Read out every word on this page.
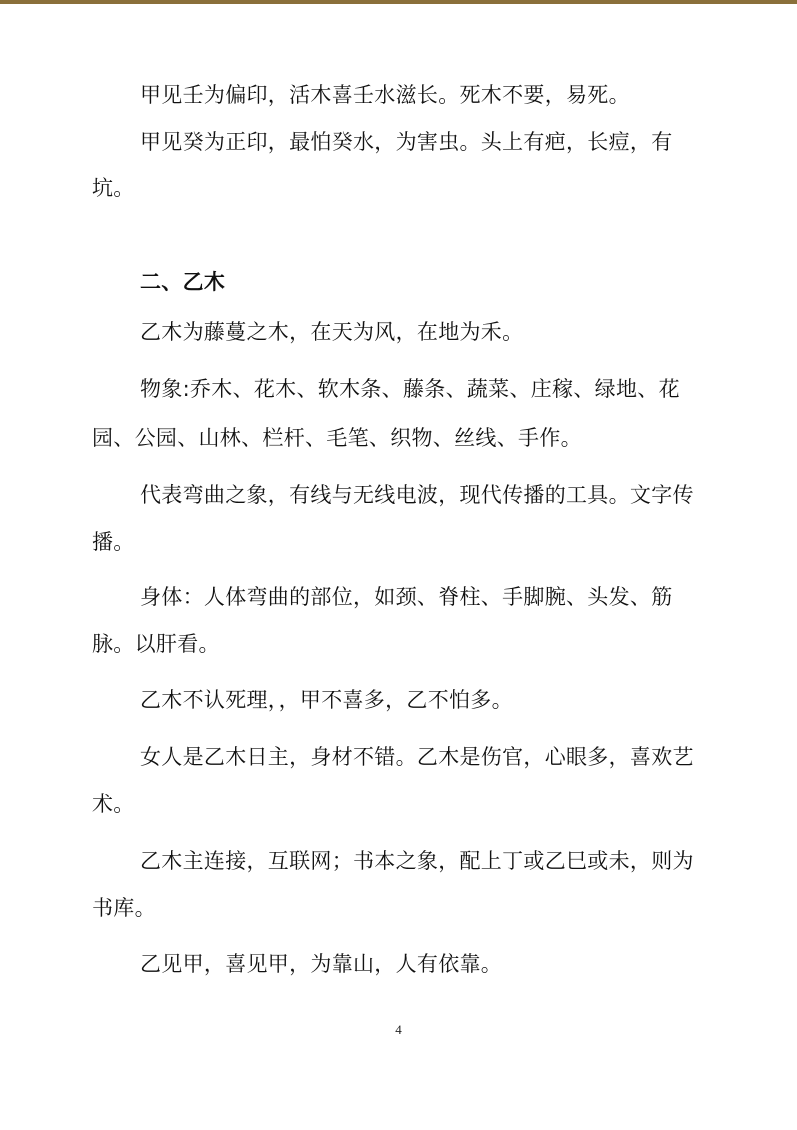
甲见壬为偏印，活木喜壬水滋长。死木不要，易死。
甲见癸为正印，最怕癸水，为害虫。头上有疤，长痘，有
坑。
二、乙木
乙木为藤蔓之木，在天为风，在地为禾。
物象:乔木、花木、软木条、藤条、蔬菜、庄稼、绿地、花
园、公园、山林、栏杆、毛笔、织物、丝线、手作。
代表弯曲之象，有线与无线电波，现代传播的工具。文字传
播。
身体：人体弯曲的部位，如颈、脊柱、手脚腕、头发、筋
脉。以肝看。
乙木不认死理，，甲不喜多，乙不怕多。
女人是乙木日主，身材不错。乙木是伤官，心眼多，喜欢艺
术。
乙木主连接，互联网；书本之象，配上丁或乙巳或未，则为
书库。
乙见甲，喜见甲，为靠山，人有依靠。
4
